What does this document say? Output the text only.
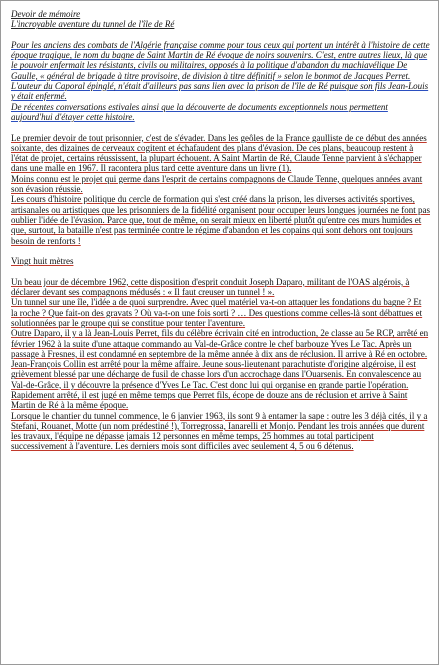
Devoir de mémoire

L'incroyable aventure du tunnel de l'île de Ré

Pour les anciens des combats de l'Algérie française comme pour tous ceux qui portent un intérêt à l'histoire de cette époque tragique, le nom du bagne de Saint Martin de Ré évoque de noirs souvenirs. C'est, entre autres lieux, là que le pouvoir enfermait les résistants, civils ou militaires, opposés à la politique d'abandon du machiavélique De Gaulle, « général de brigade à titre provisoire, de division à titre définitif » selon le bonmot de Jacques Perret. L'auteur du Caporal épinglé, n'était d'ailleurs pas sans lien avec la prison de l'île de Ré puisque son fils Jean-Louis y était enfermé.

De récentes conversations estivales ainsi que la découverte de documents exceptionnels nous permettent aujourd'hui d'étayer cette histoire.

Le premier devoir de tout prisonnier, c'est de s'évader. Dans les geôles de la France gaulliste de ce début des années soixante, des dizaines de cerveaux cogitent et échafaudent des plans d'évasion. De ces plans, beaucoup restent à l'état de projet, certains réussissent, la plupart échouent. A Saint Martin de Ré, Claude Tenne parvient à s'échapper dans une malle en 1967. Il racontera plus tard cette aventure dans un livre (1).

Moins connu est le projet qui germe dans l'esprit de certains compagnons de Claude Tenne, quelques années avant son évasion réussie.

Les cours d'histoire politique du cercle de formation qui s'est créé dans la prison, les diverses activités sportives, artisanales ou artistiques que les prisonniers de la fidélité organisent pour occuper leurs longues journées ne font pas oublier l'idée de l'évasion. Parce que, tout de même, on serait mieux en liberté plutôt qu'entre ces murs humides et que, surtout, la bataille n'est pas terminée contre le régime d'abandon et les copains qui sont dehors ont toujours besoin de renforts !

Vingt huit mètres

Un beau jour de décembre 1962, cette disposition d'esprit conduit Joseph Daparo, militant de l'OAS algérois, à déclarer devant ses compagnons médusés : « Il faut creuser un tunnel ! ».

Un tunnel sur une île, l'idée a de quoi surprendre. Avec quel matériel va-t-on attaquer les fondations du bagne ? Et la roche ? Que fait-on des gravats ? Où va-t-on une fois sorti ? … Des questions comme celles-là sont débattues et solutionnées par le groupe qui se constitue pour tenter l'aventure.

Outre Daparo, il y a là Jean-Louis Perret, fils du célèbre écrivain cité en introduction, 2e classe au 5e RCP, arrêté en février 1962 à la suite d'une attaque commando au Val-de-Grâce contre le chef barbouze Yves Le Tac. Après un passage à Fresnes, il est condamné en septembre de la même année à dix ans de réclusion. Il arrive à Ré en octobre.

Jean-François Collin est arrêté pour la même affaire. Jeune sous-lieutenant parachutiste d'origine algéroise, il est grièvement blessé par une décharge de fusil de chasse lors d'un accrochage dans l'Ouarsenis. En convalescence au Val-de-Grâce, il y découvre la présence d'Yves Le Tac. C'est donc lui qui organise en grande partie l'opération. Rapidement arrêté, il est jugé en même temps que Perret fils, écope de douze ans de réclusion et arrive à Saint Martin de Ré à la même époque.

Lorsque le chantier du tunnel commence, le 6 janvier 1963, ils sont 9 à entamer la sape : outre les 3 déjà cités, il y a Stefani, Rouanet, Motte (un nom prédestiné !), Torregrossa, Ianarelli et Monjo. Pendant les trois années que durent les travaux, l'équipe ne dépasse jamais 12 personnes en même temps, 25 hommes au total participent successivement à l'aventure. Les derniers mois sont difficiles avec seulement 4, 5 ou 6 détenus.
